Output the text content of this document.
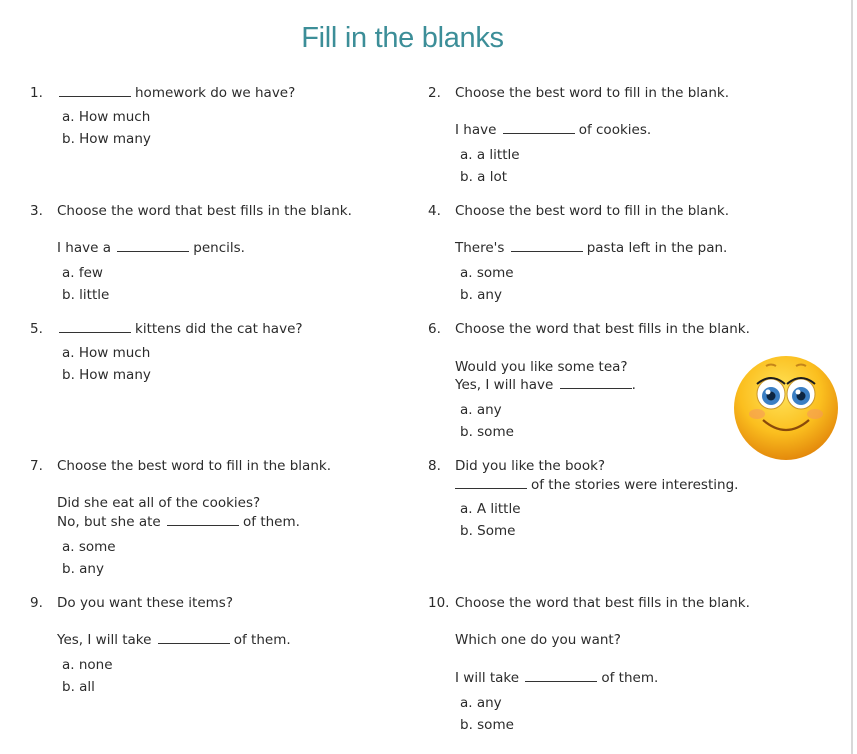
Fill in the blanks
1.	homework do we have?
a. How much
b. How many
2. Choose the best word to fill in the blank.
I have	of cookies.
a. a little
b. a lot
3. Choose the word that best fills in the blank.
I have a	pencils.
a. few
b. little
4. Choose the best word to fill in the blank.
There's	pasta left in the pan.
a. some
b. any
5.	kittens did the cat have?
a. How much
b. How many
6. Choose the word that best fills in the blank.
Would you like some tea?
Yes, I will have	.
a. any
b. some
7. Choose the best word to fill in the blank.
Did she eat all of the cookies?
No, but she ate	of them.
a. some
b. any
8. Did you like the book?
of the stories were interesting.
a. A little
b. Some
9. Do you want these items?
Yes, I will take	of them.
a. none
b. all
10. Choose the word that best fills in the blank.
Which one do you want?
I will take	of them.
a. any
b. some
